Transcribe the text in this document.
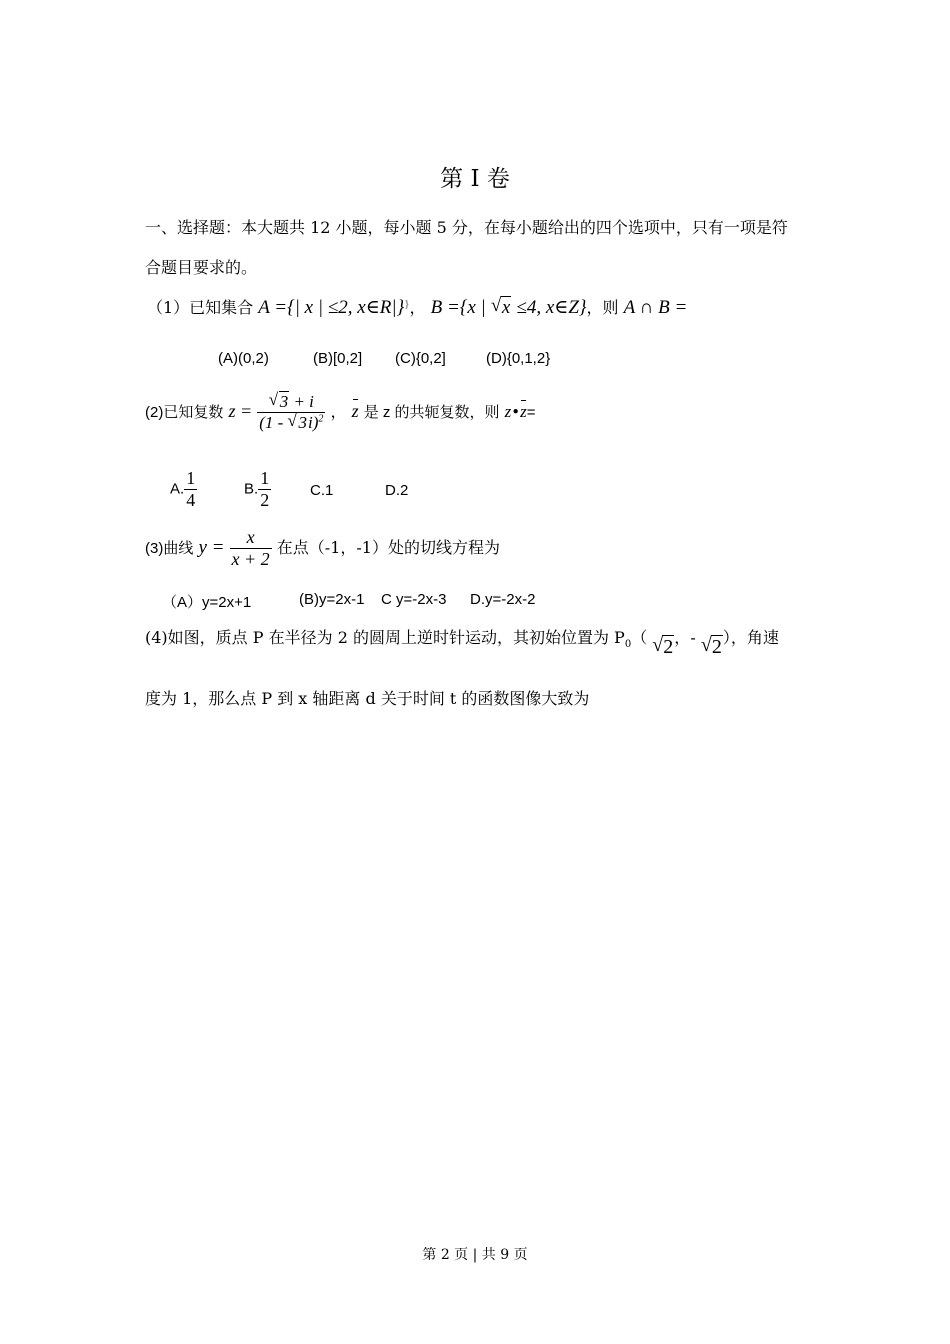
第 I 卷
一、选择题：本大题共 12 小题，每小题 5 分，在每小题给出的四个选项中，只有一项是符
合题目要求的。
（1）已知集合 A ={| x | ≤2, x∈R|}}， B ={x | √ x ≤4, x∈Z}，则 A ∩ B =
(A)(0,2)	(B)[0,2] (C){0,2]	(D){0,1,2}
(2)已知复数 z = √ $\frac{3 + i}{(1 - √ 3i)^2}$ ， z 是 z 的共轭复数，则 z•z=
A. $\frac{1}{4}$	B. $\frac{1}{2}$	C.1	D.2
(3)曲线 $y = \frac{x}{x + 2}$ 在点（-1，-1）处的切线方程为
（A）y=2x+1	(B)y=2x-1 C y=-2x-3 D.y=-2x-2
(4)如图，质点 P 在半径为 2 的圆周上逆时针运动，其初始位置为 $P_0$（ √ 2，- √ 2），角速
度为 1，那么点 P 到 x 轴距离 d 关于时间 t 的函数图像大致为
第 2 页 | 共 9 页
